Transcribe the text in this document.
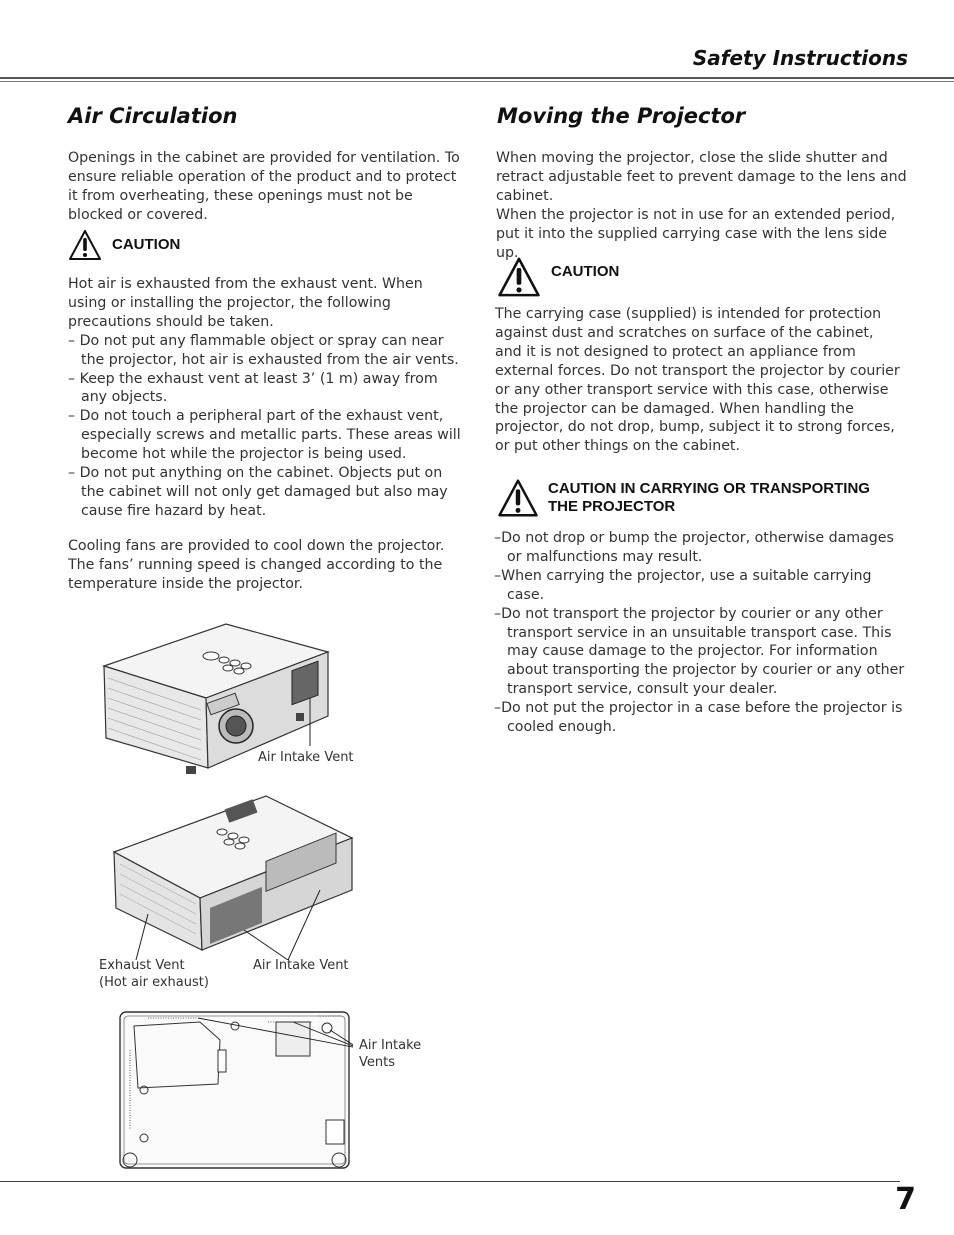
Safety Instructions
Air Circulation

Openings in the cabinet are provided for ventilation. To ensure reliable operation of the product and to protect it from overheating, these openings must not be blocked or covered.

CAUTION

Hot air is exhausted from the exhaust vent. When using or installing the projector, the following precautions should be taken.

– Do not put any flammable object or spray can near the projector, hot air is exhausted from the air vents.

– Keep the exhaust vent at least 3’ (1 m) away from any objects.

– Do not touch a peripheral part of the exhaust vent, especially screws and metallic parts. These areas will become hot while the projector is being used.

– Do not put anything on the cabinet. Objects put on the cabinet will not only get damaged but also may cause fire hazard by heat.

Cooling fans are provided to cool down the projector. The fans’ running speed is changed according to the temperature inside the projector.

Air Intake Vent
Exhaust Vent
(Hot air exhaust)
Air Intake Vent
Air Intake
Vents
Moving the Projector

When moving the projector, close the slide shutter and retract adjustable feet to prevent damage to the lens and cabinet.

When the projector is not in use for an extended period, put it into the supplied carrying case with the lens side up.

CAUTION

The carrying case (supplied) is intended for protection against dust and scratches on surface of the cabinet, and it is not designed to protect an appliance from external forces. Do not transport the projector by courier or any other transport service with this case, otherwise the projector can be damaged. When handling the projector, do not drop, bump, subject it to strong forces, or put other things on the cabinet.

CAUTION IN CARRYING OR TRANSPORTING
THE PROJECTOR

–Do not drop or bump the projector, otherwise damages or malfunctions may result.

–When carrying the projector, use a suitable carrying case.

–Do not transport the projector by courier or any other transport service in an unsuitable transport case. This may cause damage to the projector. For information about transporting the projector by courier or any other transport service, consult your dealer.

–Do not put the projector in a case before the projector is cooled enough.

7
